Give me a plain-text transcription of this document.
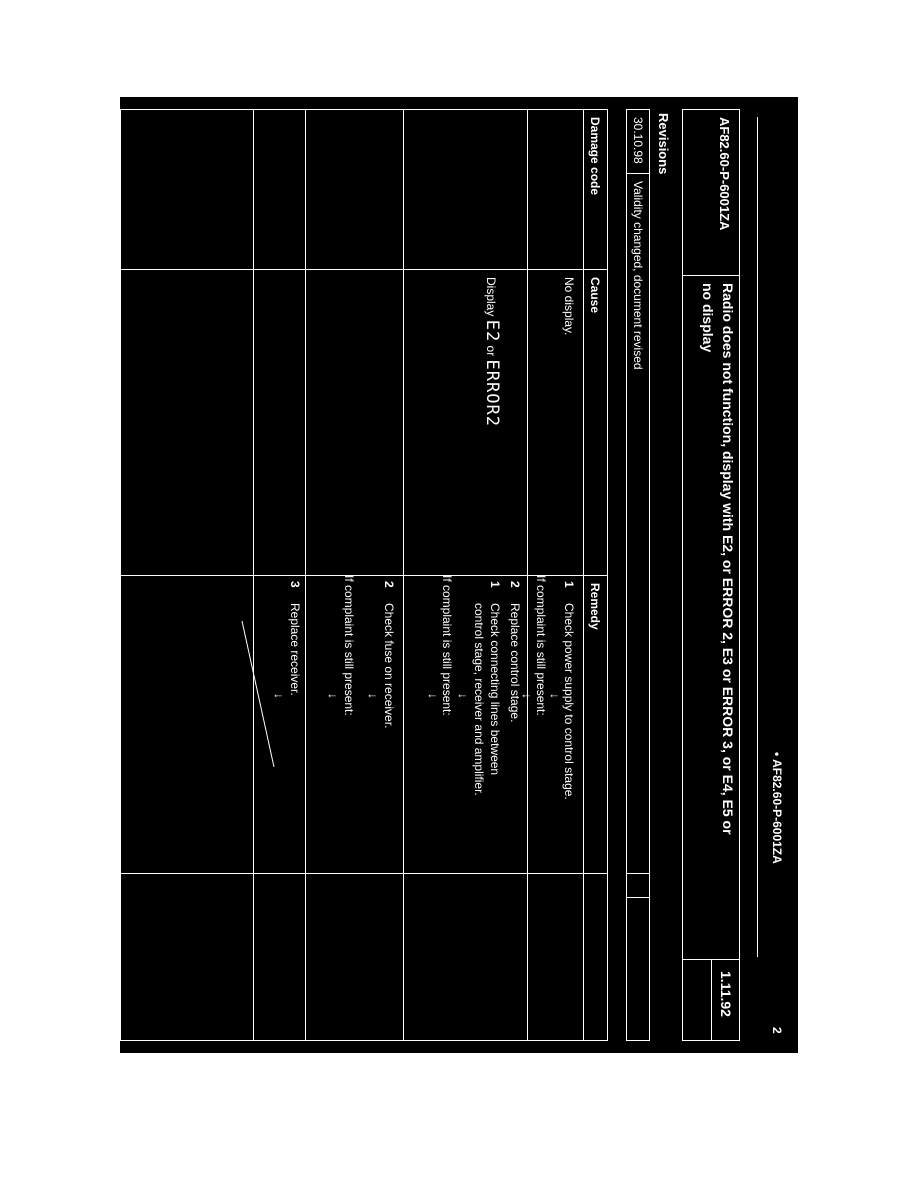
• AF82.60-P-6001ZA
2
AF82.60-P-6001ZA
Radio does not function, display with E2, or ERROR 2, E3 or ERROR 3, or E4, E5 or
no display
1.11.92
Revisions
30.10.98
Validity changed, document revised
Damage code
Cause
Remedy
No display.
1
Check power supply to control stage.
↓
If complaint is still present:
↓
2
Replace control stage.
Display E2 or ERROR2
1
Check connecting lines between
control stage, receiver and amplifier.
↓
If complaint is still present:
↓
2
Check fuse on receiver.
↓
If complaint is still present:
↓
3
Replace receiver.
↓
